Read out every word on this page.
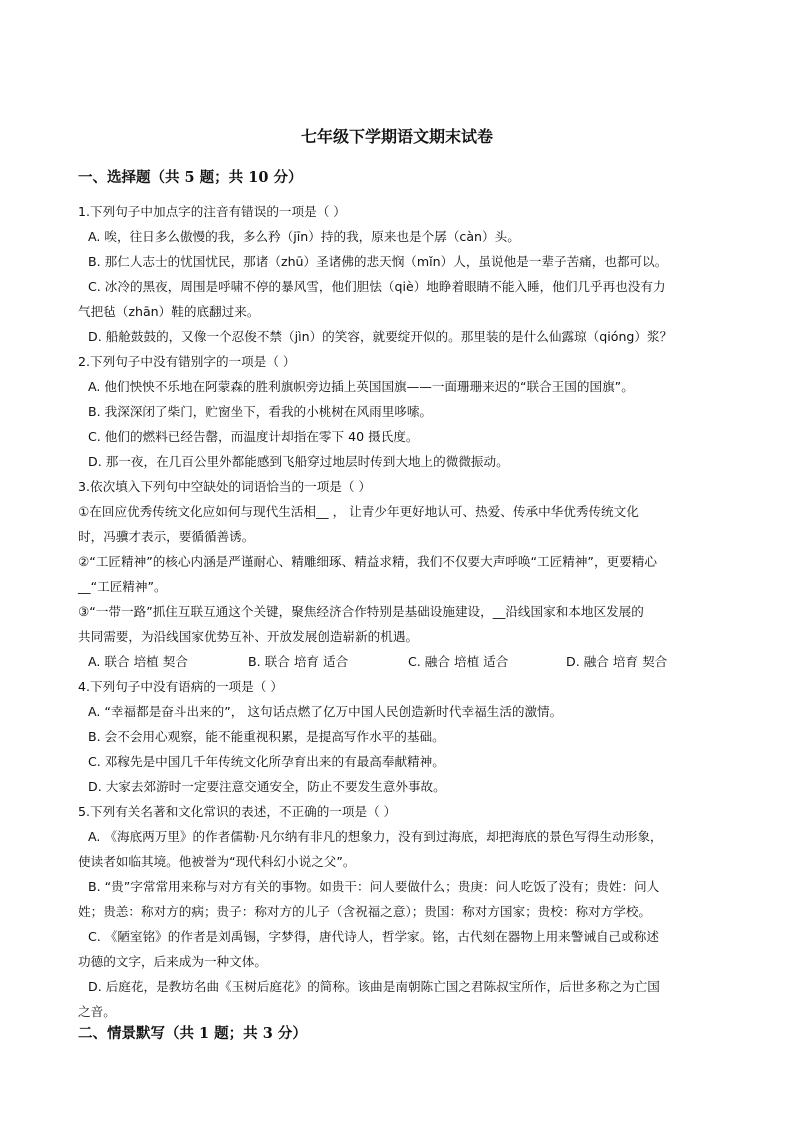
七年级下学期语文期末试卷
一、选择题（共 5 题；共 10 分）

1.下列句子中加点字的注音有错误的一项是（ ）

A. 唉，往日多么傲慢的我，多么矜（jīn）持的我，原来也是个孱（càn）头。

B. 那仁人志士的忧国忧民，那诸（zhū）圣诸佛的悲天悯（mǐn）人，虽说他是一辈子苦痛，也都可以。

C. 冰冷的黑夜，周围是呼啸不停的暴风雪，他们胆怯（qiè）地睁着眼睛不能入睡，他们几乎再也没有力

气把毡（zhān）鞋的底翻过来。

D. 船舱鼓鼓的，又像一个忍俊不禁（jìn）的笑容，就要绽开似的。那里装的是什么仙露琼（qióng）浆？

2.下列句子中没有错别字的一项是（ ）

A. 他们怏怏不乐地在阿蒙森的胜利旗帜旁边插上英国国旗——一面珊珊来迟的“联合王国的国旗”。

B. 我深深闭了柴门，贮窗坐下，看我的小桃树在风雨里哆嗦。

C. 他们的燃料已经告罄，而温度计却指在零下 40 摄氏度。

D. 那一夜，在几百公里外都能感到飞船穿过地层时传到大地上的微微振动。

3.依次填入下列句中空缺处的词语恰当的一项是（ ）

①在回应优秀传统文化应如何与现代生活相__ ， 让青少年更好地认可、热爱、传承中华优秀传统文化

时，冯骥才表示，要循循善诱。

②“工匠精神”的核心内涵是严谨耐心、精雕细琢、精益求精，我们不仅要大声呼唤“工匠精神”，更要精心

__“工匠精神”。

③“一带一路”抓住互联互通这个关键，聚焦经济合作特别是基础设施建设，__沿线国家和本地区发展的

共同需要，为沿线国家优势互补、开放发展创造崭新的机遇。

A. 联合 培植 契合	B. 联合 培育 适合	C. 融合 培植 适合	D. 融合 培育 契合

4.下列句子中没有语病的一项是（ ）

A. “幸福都是奋斗出来的”， 这句话点燃了亿万中国人民创造新时代幸福生活的激情。

B. 会不会用心观察，能不能重视积累，是提高写作水平的基础。

C. 邓稼先是中国几千年传统文化所孕育出来的有最高奉献精神。

D. 大家去郊游时一定要注意交通安全，防止不要发生意外事故。

5.下列有关名著和文化常识的表述，不正确的一项是（ ）

A. 《海底两万里》的作者儒勒·凡尔纳有非凡的想象力，没有到过海底，却把海底的景色写得生动形象，

使读者如临其境。他被誉为“现代科幻小说之父”。

B. “贵”字常常用来称与对方有关的事物。如贵干：问人要做什么；贵庚：问人吃饭了没有；贵姓：问人

姓；贵恙：称对方的病；贵子：称对方的儿子（含祝福之意）；贵国：称对方国家；贵校：称对方学校。

C. 《陋室铭》的作者是刘禹锡，字梦得，唐代诗人，哲学家。铭，古代刻在器物上用来警诫自己或称述

功德的文字，后来成为一种文体。

D. 后庭花，是教坊名曲《玉树后庭花》的简称。该曲是南朝陈亡国之君陈叔宝所作，后世多称之为亡国

之音。

二、情景默写（共 1 题；共 3 分）
